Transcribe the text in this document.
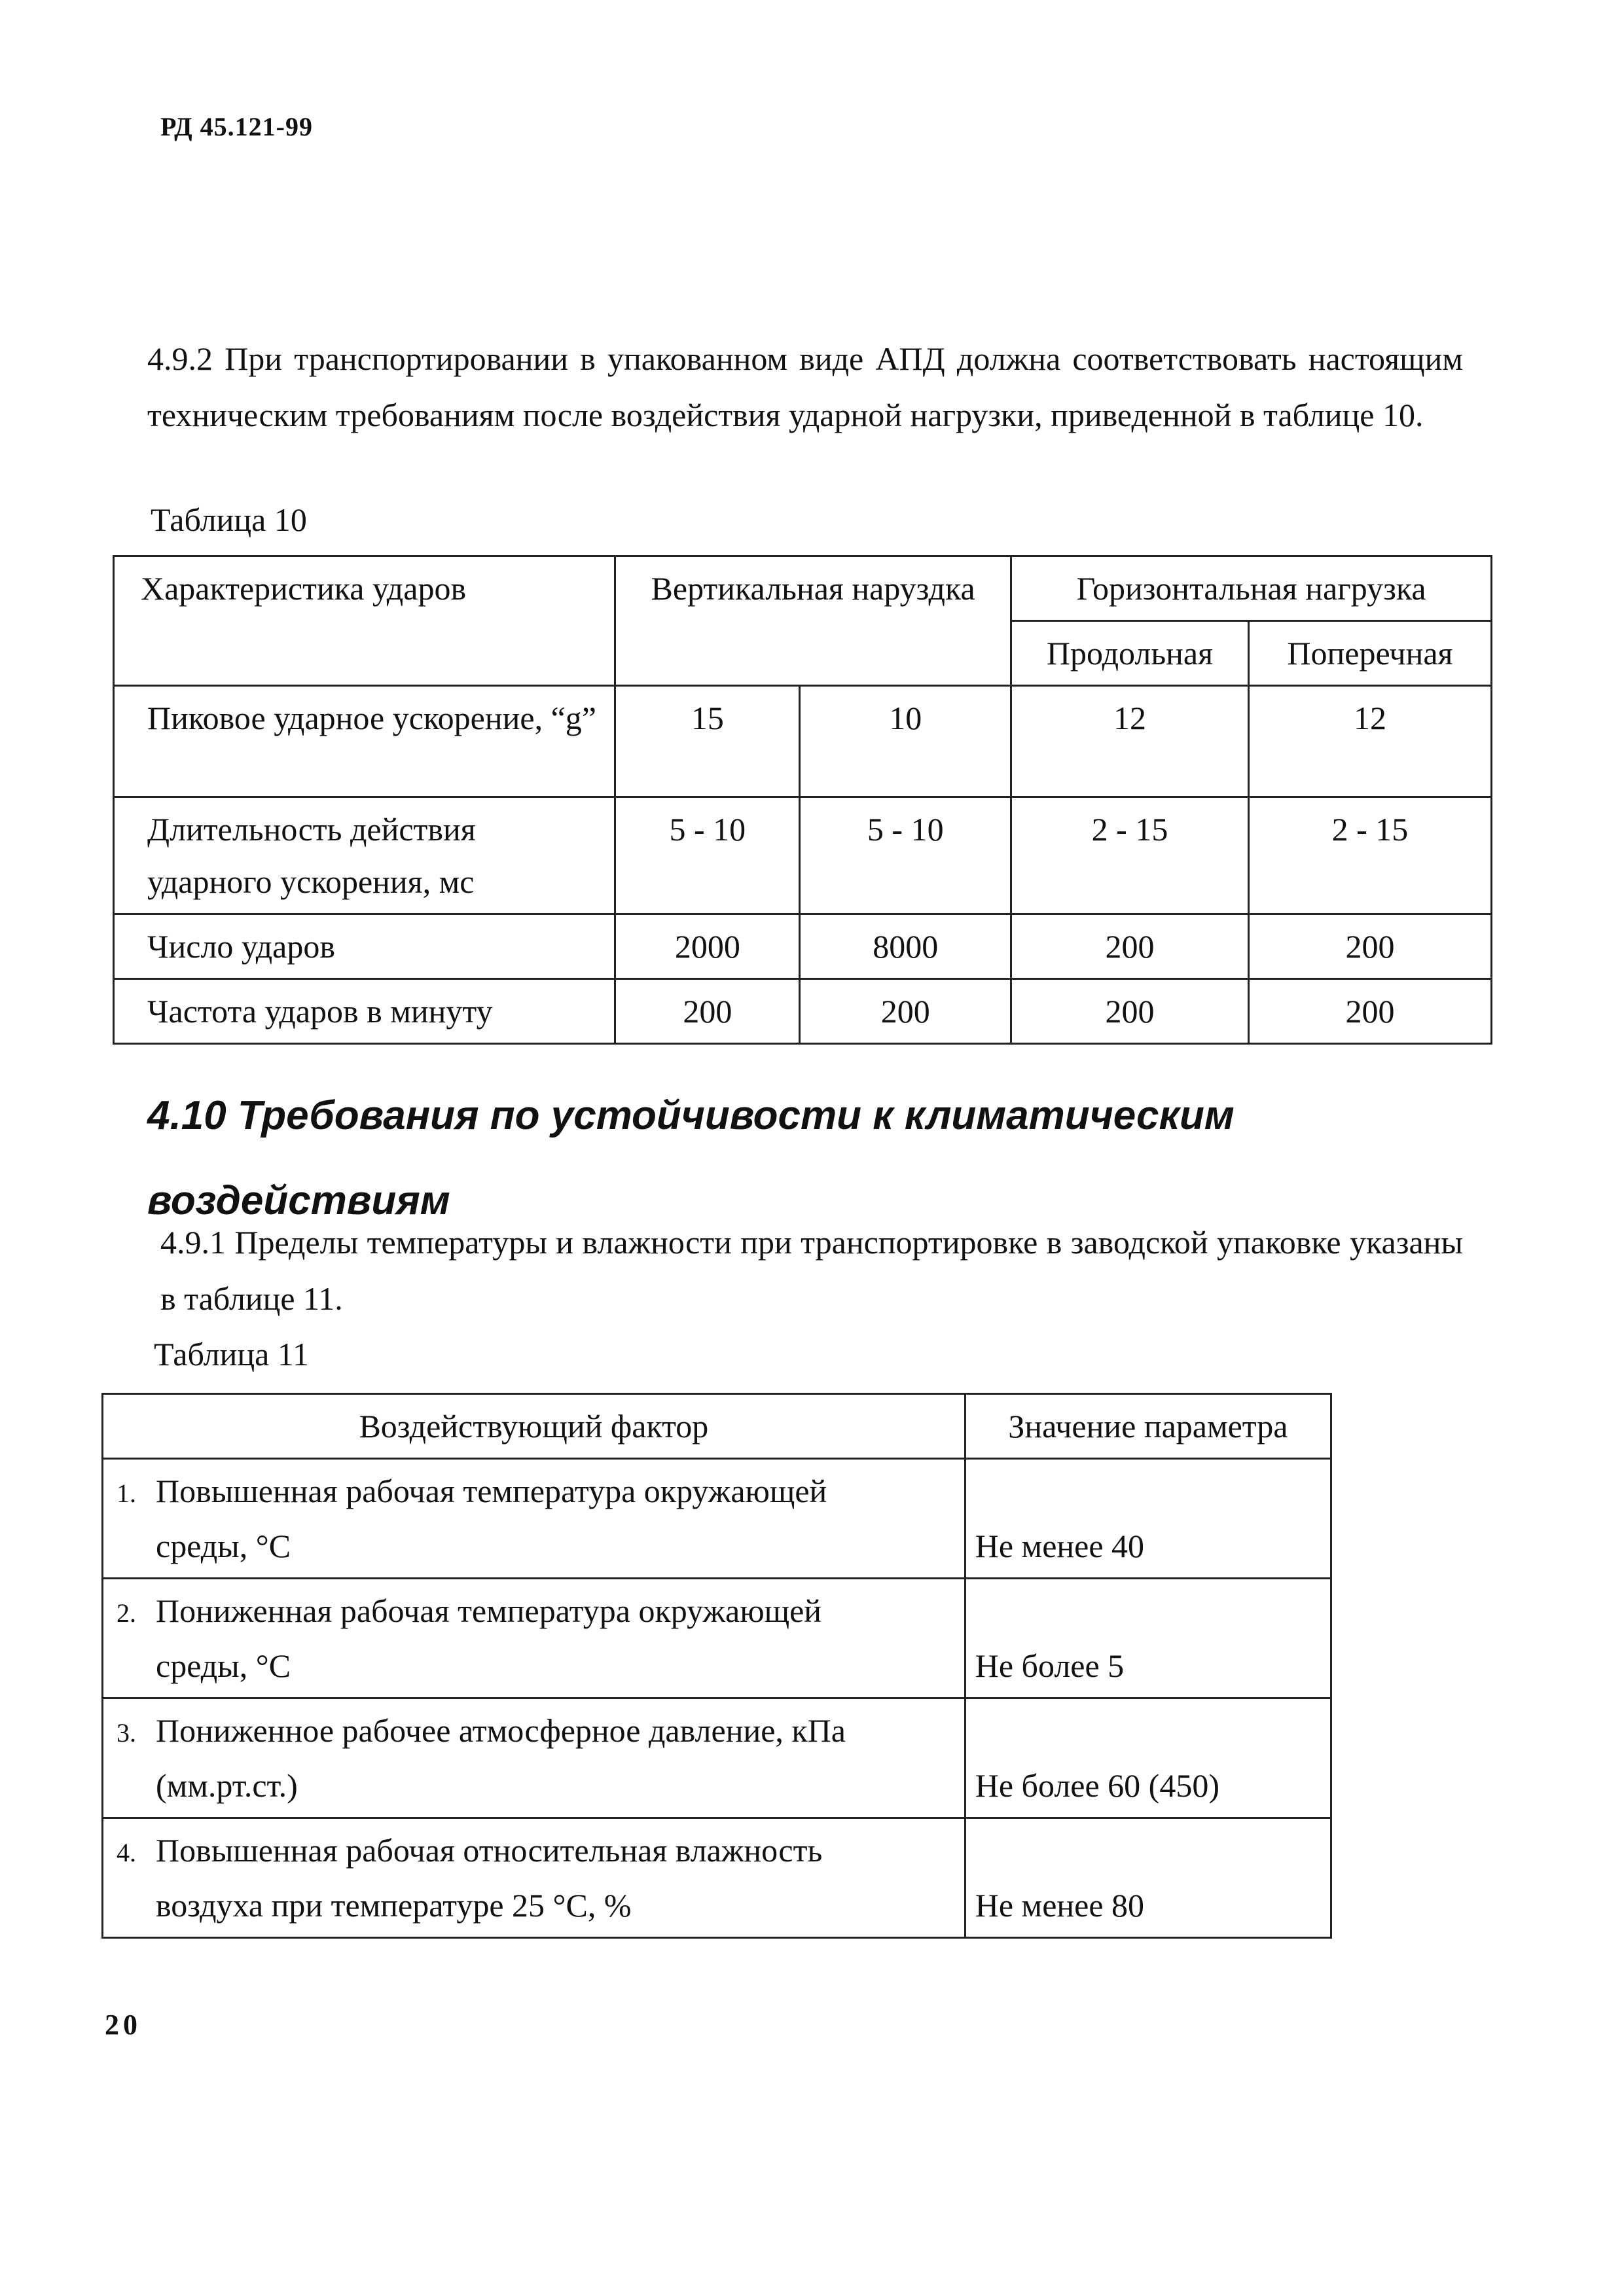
РД 45.121-99

4.9.2 При транспортировании в упакованном виде АПД должна соответствовать настоящим техническим требованиям после воздействия ударной нагрузки, приведенной в таблице 10.

Таблица 10
Характеристика ударов	Вертикальная наруздка		Горизонтальная нагрузка	
			Продольная	Поперечная
Пиковое ударное ускорение, “g”	15	10	12	12
Длительность действия ударного ускорения, мс	5 - 10	5 - 10	2 - 15	2 - 15
Число ударов	2000	8000	200	200
Частота ударов в минуту	200	200	200	200
4.10 Требования по устойчивости к климатическим воздействиям

4.9.1 Пределы температуры и влажности при транспортировке в заводской упаковке указаны в таблице 11.

Таблица 11
Воздействующий фактор	Значение параметра

1. Повышенная рабочая температура окружающей
среды, °С	Не менее 40

2. Пониженная рабочая температура окружающей
среды, °С	Не более 5

3. Пониженное рабочее атмосферное давление, кПа
(мм.рт.ст.)	Не более 60 (450)

4. Повышенная рабочая относительная влажность
воздуха при температуре 25 °С, %	Не менее 80
20
